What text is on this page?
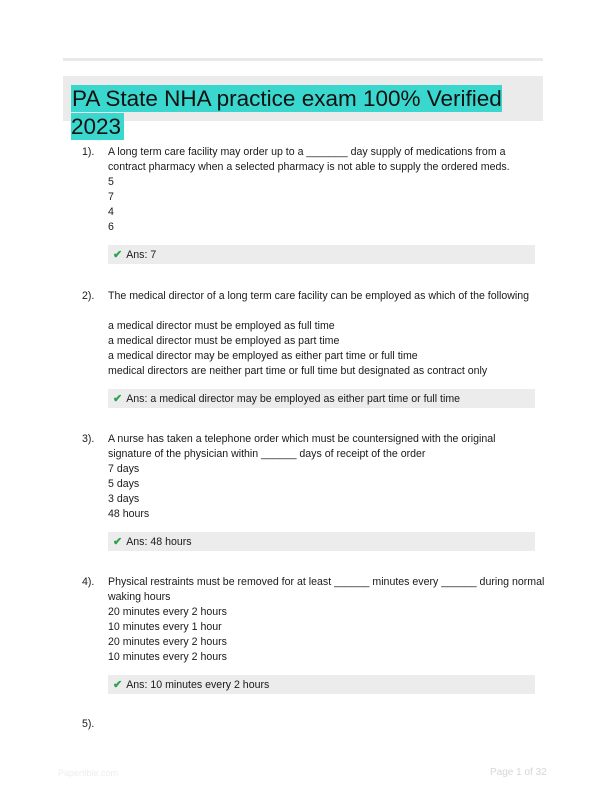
PA State NHA practice exam 100% Verified 2023
1). A long term care facility may order up to a _______ day supply of medications from a
contract pharmacy when a selected pharmacy is not able to supply the ordered meds.
5
7
4
6
✔ Ans: 7
2). The medical director of a long term care facility can be employed as which of the following
a medical director must be employed as full time
a medical director must be employed as part time
a medical director may be employed as either part time or full time
medical directors are neither part time or full time but designated as contract only
✔ Ans: a medical director may be employed as either part time or full time
3). A nurse has taken a telephone order which must be countersigned with the original
signature of the physician within ______ days of receipt of the order
7 days
5 days
3 days
48 hours
✔ Ans: 48 hours
4). Physical restraints must be removed for at least ______ minutes every ______ during normal
waking hours
20 minutes every 2 hours
10 minutes every 1 hour
20 minutes every 2 hours
10 minutes every 2 hours
✔ Ans: 10 minutes every 2 hours
5).
Papertible.com	Page 1 of 32
